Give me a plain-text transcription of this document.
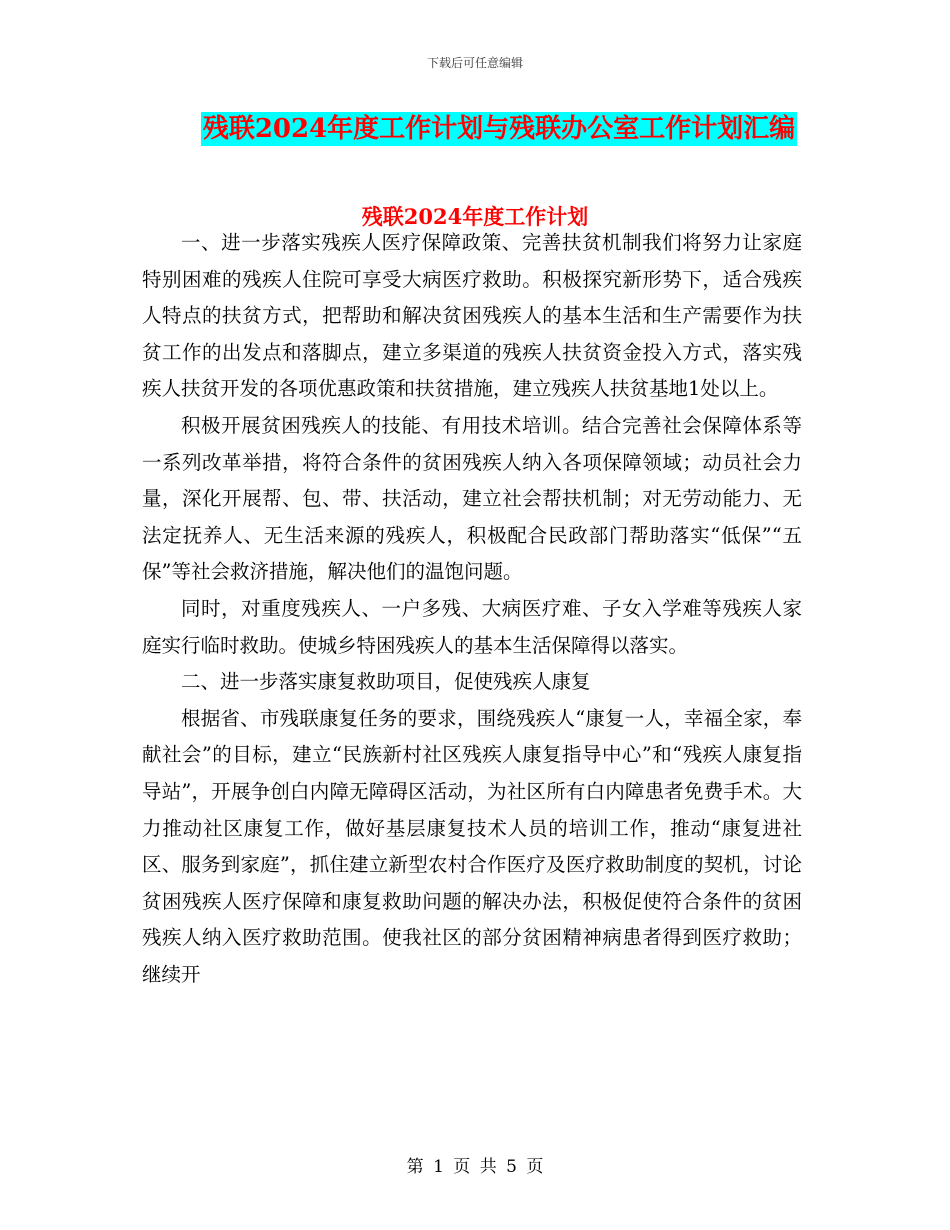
下载后可任意编辑
残联2024年度工作计划与残联办公室工作计划汇编
残联2024年度工作计划

一、进一步落实残疾人医疗保障政策、完善扶贫机制我们将努力让家庭特别困难的残疾人住院可享受大病医疗救助。积极探究新形势下，适合残疾人特点的扶贫方式，把帮助和解决贫困残疾人的基本生活和生产需要作为扶贫工作的出发点和落脚点，建立多渠道的残疾人扶贫资金投入方式，落实残疾人扶贫开发的各项优惠政策和扶贫措施，建立残疾人扶贫基地1处以上。

积极开展贫困残疾人的技能、有用技术培训。结合完善社会保障体系等一系列改革举措，将符合条件的贫困残疾人纳入各项保障领域；动员社会力量，深化开展帮、包、带、扶活动，建立社会帮扶机制；对无劳动能力、无法定抚养人、无生活来源的残疾人，积极配合民政部门帮助落实“低保”“五保”等社会救济措施，解决他们的温饱问题。

同时，对重度残疾人、一户多残、大病医疗难、子女入学难等残疾人家庭实行临时救助。使城乡特困残疾人的基本生活保障得以落实。

二、进一步落实康复救助项目，促使残疾人康复

根据省、市残联康复任务的要求，围绕残疾人“康复一人，幸福全家，奉献社会”的目标，建立“民族新村社区残疾人康复指导中心”和“残疾人康复指导站”，开展争创白内障无障碍区活动，为社区所有白内障患者免费手术。大力推动社区康复工作，做好基层康复技术人员的培训工作，推动“康复进社区、服务到家庭”，抓住建立新型农村合作医疗及医疗救助制度的契机，讨论贫困残疾人医疗保障和康复救助问题的解决办法，积极促使符合条件的贫困残疾人纳入医疗救助范围。使我社区的部分贫困精神病患者得到医疗救助；继续开

第 1 页 共 5 页
